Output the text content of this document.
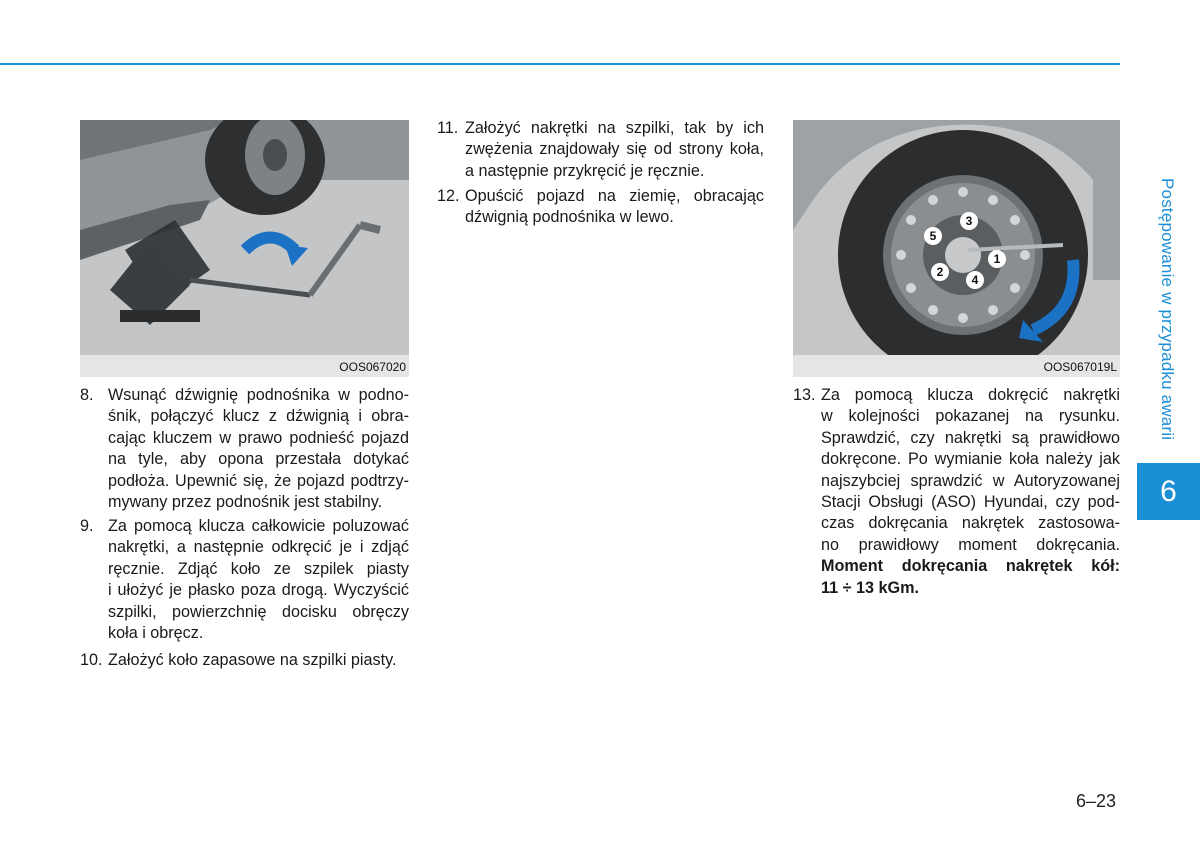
OOS067020
1
2
3
4
5
OOS067019L
8. Wsunąć dźwignię podnośnika w podno-
śnik, połączyć klucz z dźwignią i obra-
cając kluczem w prawo podnieść pojazd
na tyle, aby opona przestała dotykać
podłoża. Upewnić się, że pojazd podtrzy-
mywany przez podnośnik jest stabilny.
9. Za pomocą klucza całkowicie poluzować
nakrętki, a następnie odkręcić je i zdjąć
ręcznie. Zdjąć koło ze szpilek piasty
i ułożyć je płasko poza drogą. Wyczyścić
szpilki, powierzchnię docisku obręczy
koła i obręcz.
10. Założyć koło zapasowe na szpilki piasty.
11. Założyć nakrętki na szpilki, tak by ich
zwężenia znajdowały się od strony koła,
a następnie przykręcić je ręcznie.
12. Opuścić pojazd na ziemię, obracając
dźwignią podnośnika w lewo.
13. Za pomocą klucza dokręcić nakrętki
w kolejności pokazanej na rysunku.
Sprawdzić, czy nakrętki są prawidłowo
dokręcone. Po wymianie koła należy jak
najszybciej sprawdzić w Autoryzowanej
Stacji Obsługi (ASO) Hyundai, czy pod-
czas dokręcania nakrętek zastosowa-
no prawidłowy moment dokręcania.
Moment dokręcania nakrętek kół:
11 ÷ 13 kGm.
Postępowanie w przypadku awarii
6
6–23
